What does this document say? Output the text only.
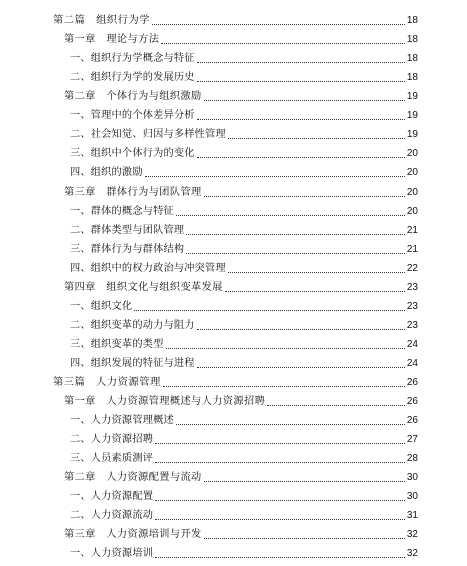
第二篇　组织行为学	18
第一章　理论与方法	18
一、组织行为学概念与特征	18
二、组织行为学的发展历史	18
第二章　个体行为与组织激励	19
一、管理中的个体差异分析	19
二、社会知觉、归因与多样性管理	19
三、组织中个体行为的变化	20
四、组织的激励	20
第三章　群体行为与团队管理	20
一、群体的概念与特征	20
二、群体类型与团队管理	21
三、群体行为与群体结构	21
四、组织中的权力政治与冲突管理	22
第四章　组织文化与组织变革发展	23
一、组织文化	23
二、组织变革的动力与阻力	23
三、组织变革的类型	24
四、组织发展的特征与进程	24
第三篇　人力资源管理	26
第一章　人力资源管理概述与人力资源招聘	26
一、人力资源管理概述	26
二、人力资源招聘	27
三、人员素质测评	28
第二章　人力资源配置与流动	30
一、人力资源配置	30
二、人力资源流动	31
第三章　人力资源培训与开发	32
一、人力资源培训	32
